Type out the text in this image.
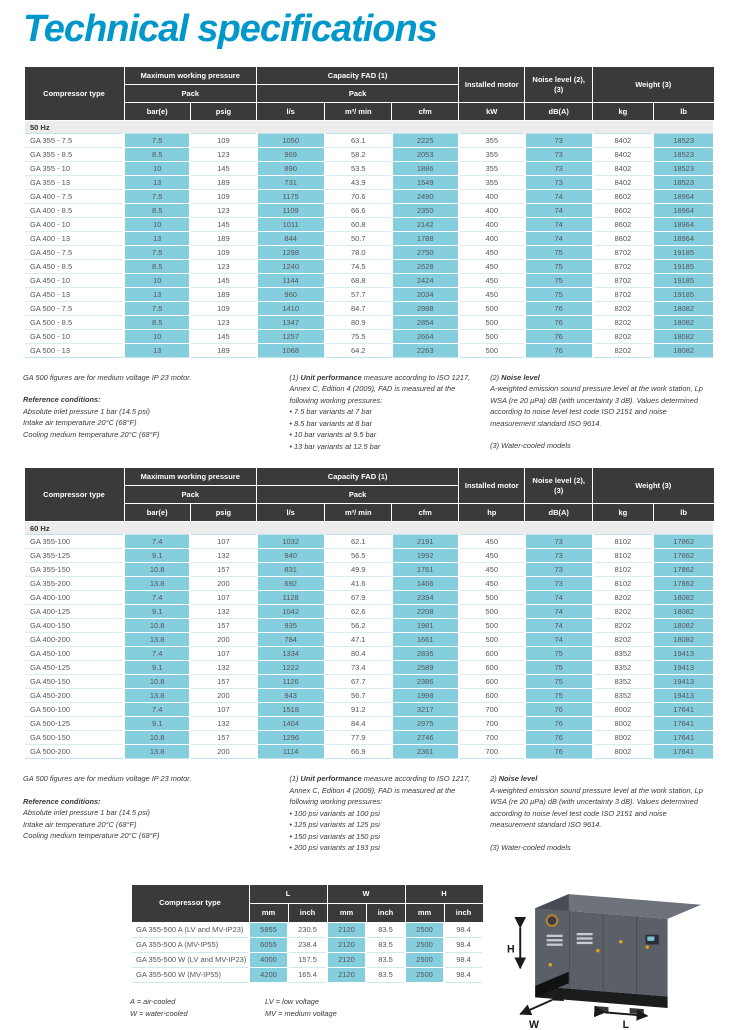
Technical specifications
Compressor type	Maximum working pressure		Capacity FAD (1)			Installed motor	Noise level (2), (3)	Weight (3)	
	Pack		Pack						
	bar(e)	psig	l/s	m³/ min	cfm	kW	dB(A)	kg	lb
50 Hz									
GA 355 - 7.5	7.5	109	1050	63.1	2225	355	73	8402	18523
GA 355 - 8.5	8.5	123	969	58.2	2053	355	73	8402	18523
GA 355 - 10	10	145	890	53.5	1886	355	73	8402	18523
GA 355 - 13	13	189	731	43.9	1549	355	73	8402	18523
GA 400 - 7.5	7.5	109	1175	70.6	2490	400	74	8602	18964
GA 400 - 8.5	8.5	123	1109	66.6	2350	400	74	8602	18964
GA 400 - 10	10	145	1011	60.8	2142	400	74	8602	18964
GA 400 - 13	13	189	844	50.7	1788	400	74	8602	18964
GA 450 - 7.5	7.5	109	1298	78.0	2750	450	75	8702	19185
GA 450 - 8.5	8.5	123	1240	74.5	2628	450	75	8702	19185
GA 450 - 10	10	145	1144	68.8	2424	450	75	8702	19185
GA 450 - 13	13	189	960	57.7	2034	450	75	8702	19185
GA 500 - 7.5	7.5	109	1410	84.7	2988	500	76	8202	18082
GA 500 - 8.5	8.5	123	1347	80.9	2854	500	76	8202	18082
GA 500 - 10	10	145	1257	75.5	2664	500	76	8202	18082
GA 500 - 13	13	189	1068	64.2	2263	500	76	8202	18082

GA 500 figures are for medium voltage IP 23 motor.

Reference conditions:

Absolute inlet pressure 1 bar (14.5 psi)

Intake air temperature 20°C (68°F)

Cooling medium temperature 20°C (68°F)

(1) Unit performance measure according to ISO 1217, Annex C, Edition 4 (2009), FAD is measured at the following working pressures:

• 7.5 bar variants at 7 bar

• 8.5 bar variants at 8 bar

• 10 bar variants at 9.5 bar

• 13 bar variants at 12.5 bar

(2) Noise level

A-weighted emission sound pressure level at the work station, Lp WSA (re 20 µPa) dB (with uncertainty 3 dB). Values determined according to noise level test code ISO 2151 and noise measurement standard ISO 9614.

(3) Water-cooled models

Compressor type	Maximum working pressure		Capacity FAD (1)			Installed motor	Noise level (2), (3)	Weight (3)	
	Pack		Pack						
	bar(e)	psig	l/s	m³/ min	cfm	hp	dB(A)	kg	lb
60 Hz									
GA 355-100	7.4	107	1032	62.1	2191	450	73	8102	17862
GA 355-125	9.1	132	940	56.5	1992	450	73	8102	17862
GA 355-150	10.8	157	831	49.9	1761	450	73	8102	17862
GA 355-200	13.8	200	692	41.6	1466	450	73	8102	17862
GA 400-100	7.4	107	1128	67.9	2394	500	74	8202	18082
GA 400-125	9.1	132	1042	62.6	2208	500	74	8202	18082
GA 400-150	10.8	157	935	56.2	1981	500	74	8202	18082
GA 400-200	13.8	200	784	47.1	1661	500	74	8202	18082
GA 450-100	7.4	107	1334	80.4	2835	600	75	8352	19413
GA 450-125	9.1	132	1222	73.4	2589	600	75	8352	19413
GA 450-150	10.8	157	1126	67.7	2386	600	75	8352	19413
GA 450-200	13.8	200	943	56.7	1998	600	75	8352	19413
GA 500-100	7.4	107	1518	91.2	3217	700	76	8002	17641
GA 500-125	9.1	132	1404	84.4	2975	700	76	8002	17641
GA 500-150	10.8	157	1296	77.9	2746	700	76	8002	17641
GA 500-200	13.8	200	1114	66.9	2361	700	76	8002	17641

GA 500 figures are for medium voltage IP 23 motor.

Reference conditions:

Absolute inlet pressure 1 bar (14.5 psi)

Intake air temperature 20°C (68°F)

Cooling medium temperature 20°C (68°F)

(1) Unit performance measure according to ISO 1217, Annex C, Edition 4 (2009), FAD is measured at the following working pressures:

• 100 psi variants at 100 psi

• 125 psi variants at 125 psi

• 150 psi variants at 150 psi

• 200 psi variants at 193 psi

2) Noise level

A-weighted emission sound pressure level at the work station, Lp WSA (re 20 µPa) dB (with uncertainty 3 dB). Values determined according to noise level test code ISO 2151 and noise measurement standard ISO 9614.

(3) Water-cooled models

Compressor type	L		W		H	
	mm	inch	mm	inch	mm	inch
GA 355-500 A (LV and MV-IP23)	5855	230.5	2120	83.5	2500	98.4
GA 355-500 A (MV-IP55)	6055	238.4	2120	83.5	2500	98.4
GA 355-500 W (LV and MV-IP23)	4000	157.5	2120	83.5	2500	98.4
GA 355-500 W (MV-IP55)	4200	165.4	2120	83.5	2500	98.4
A = air-cooled	LV = low voltage
W = water-cooled	MV = medium voltage
H
W	L
